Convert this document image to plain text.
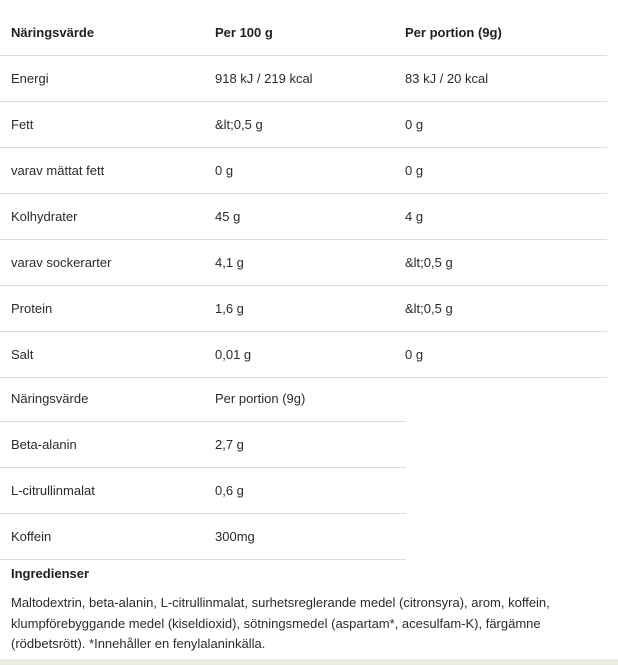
Näringsvärde	Per 100 g	Per portion (9g)
Energi	918 kJ / 219 kcal	83 kJ / 20 kcal
Fett	&lt;0,5 g	0 g
varav mättat fett	0 g	0 g
Kolhydrater	45 g	4 g
varav sockerarter	4,1 g	&lt;0,5 g
Protein	1,6 g	&lt;0,5 g
Salt	0,01 g	0 g
Näringsvärde	Per portion (9g)
Beta-alanin	2,7 g
L-citrullinmalat	0,6 g
Koffein	300mg
Ingredienser
Maltodextrin, beta-alanin, L-citrullinmalat, surhetsreglerande medel (citronsyra), arom, koffein, klumpförebyggande medel (kiseldioxid), sötningsmedel (aspartam*, acesulfam-K), färgämne (rödbetsrött). *Innehåller en fenylalaninkälla.
